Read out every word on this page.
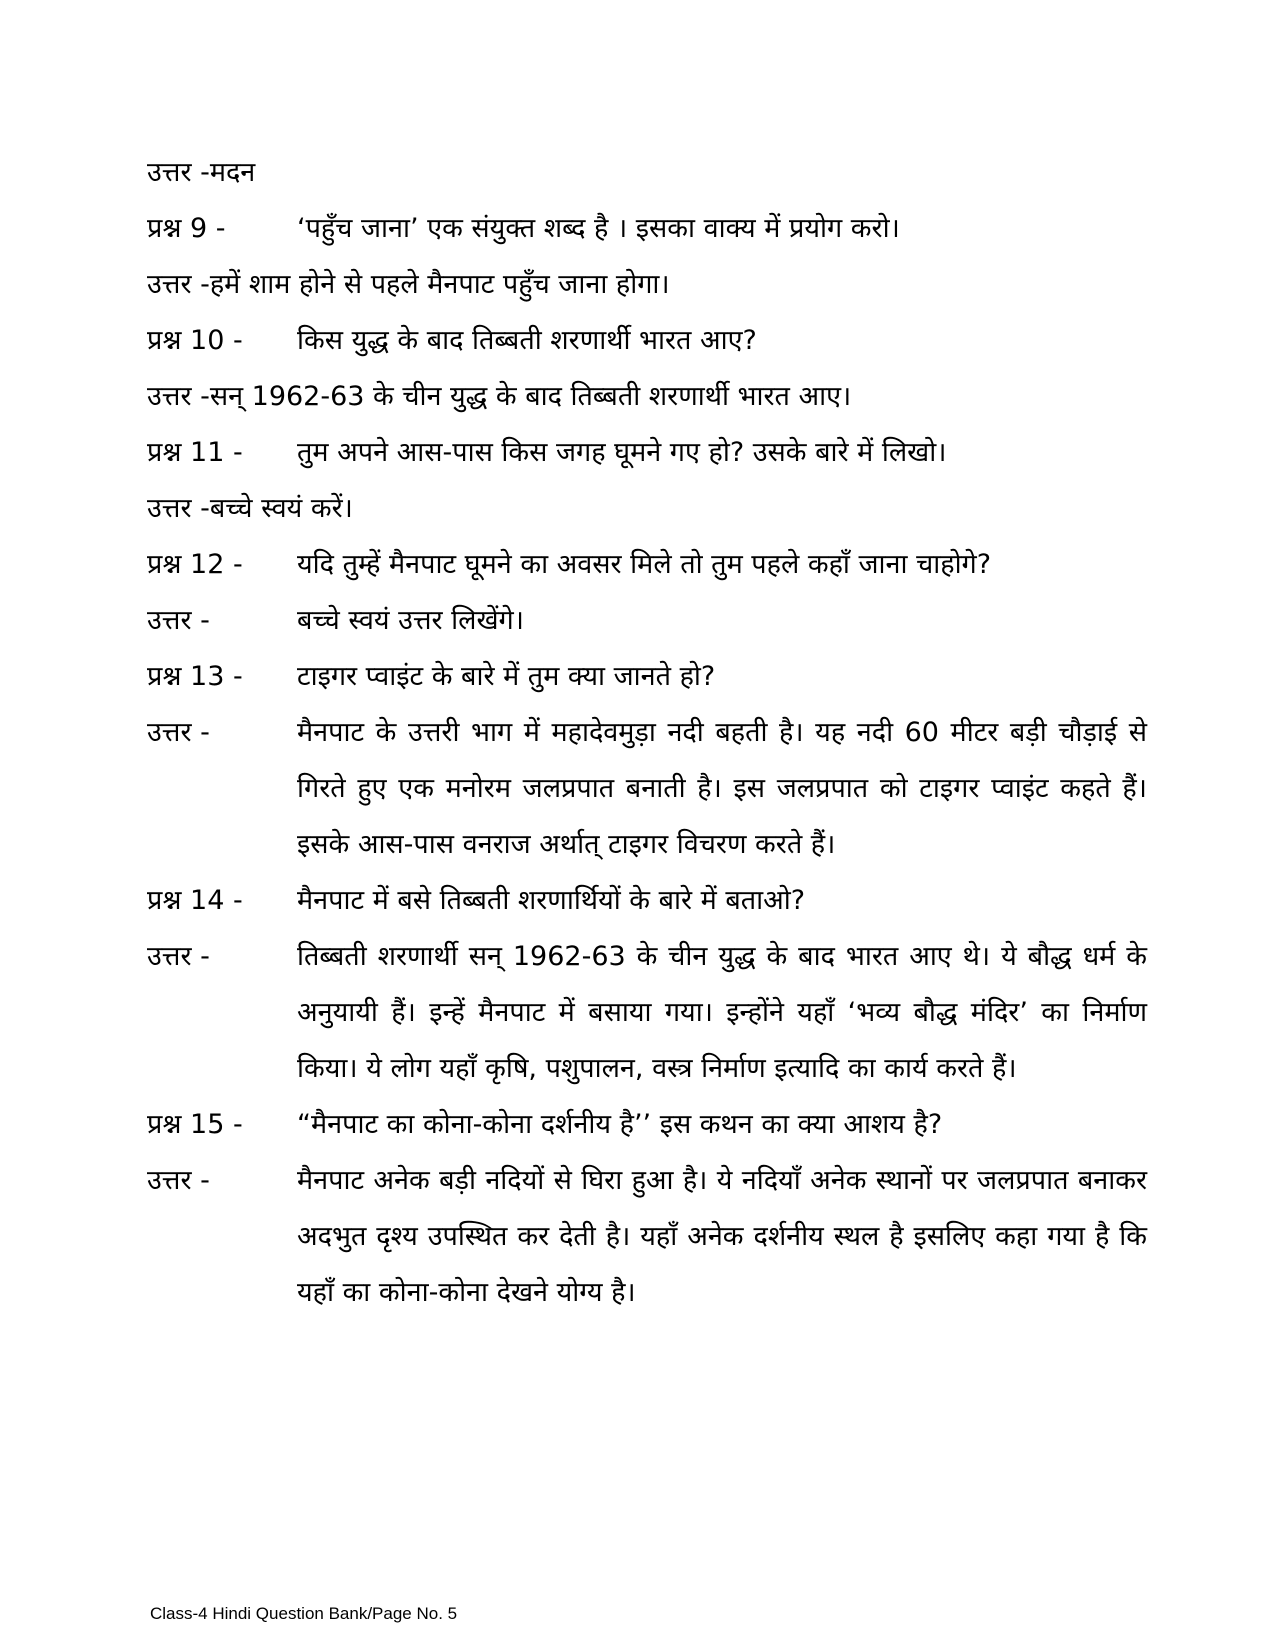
उत्तर -मदन
प्रश्न 9 -	‘पहुँच जाना’ एक संयुक्त शब्द है । इसका वाक्य में प्रयोग करो।
उत्तर -हमें शाम होने से पहले मैनपाट पहुँच जाना होगा।
प्रश्न 10 -	किस युद्ध के बाद तिब्बती शरणार्थी भारत आए?
उत्तर -सन् 1962-63 के चीन युद्ध के बाद तिब्बती शरणार्थी भारत आए।
प्रश्न 11 -	तुम अपने आस-पास किस जगह घूमने गए हो? उसके बारे में लिखो।
उत्तर -बच्चे स्वयं करें।
प्रश्न 12 -	यदि तुम्हें मैनपाट घूमने का अवसर मिले तो तुम पहले कहाँ जाना चाहोगे?
उत्तर -	बच्चे स्वयं उत्तर लिखेंगे।
प्रश्न 13 -	टाइगर प्वाइंट के बारे में तुम क्या जानते हो?
उत्तर -	मैनपाट के उत्तरी भाग में महादेवमुड़ा नदी बहती है। यह नदी 60 मीटर बड़ी चौड़ाई से गिरते हुए एक मनोरम जलप्रपात बनाती है। इस जलप्रपात को टाइगर प्वाइंट कहते हैं। इसके आस-पास वनराज अर्थात् टाइगर विचरण करते हैं।
प्रश्न 14 -	मैनपाट में बसे तिब्बती शरणार्थियों के बारे में बताओ?
उत्तर -	तिब्बती शरणार्थी सन् 1962-63 के चीन युद्ध के बाद भारत आए थे। ये बौद्ध धर्म के अनुयायी हैं। इन्हें मैनपाट में बसाया गया। इन्होंने यहाँ ‘भव्य बौद्ध मंदिर’ का निर्माण किया। ये लोग यहाँ कृषि, पशुपालन, वस्त्र निर्माण इत्यादि का कार्य करते हैं।
प्रश्न 15 -	“मैनपाट का कोना-कोना दर्शनीय है’’ इस कथन का क्या आशय है?
उत्तर -	मैनपाट अनेक बड़ी नदियों से घिरा हुआ है। ये नदियाँ अनेक स्थानों पर जलप्रपात बनाकर अदभुत दृश्य उपस्थित कर देती है। यहाँ अनेक दर्शनीय स्थल है इसलिए कहा गया है कि यहाँ का कोना-कोना देखने योग्य है।
Class-4 Hindi Question Bank/Page No. 5
